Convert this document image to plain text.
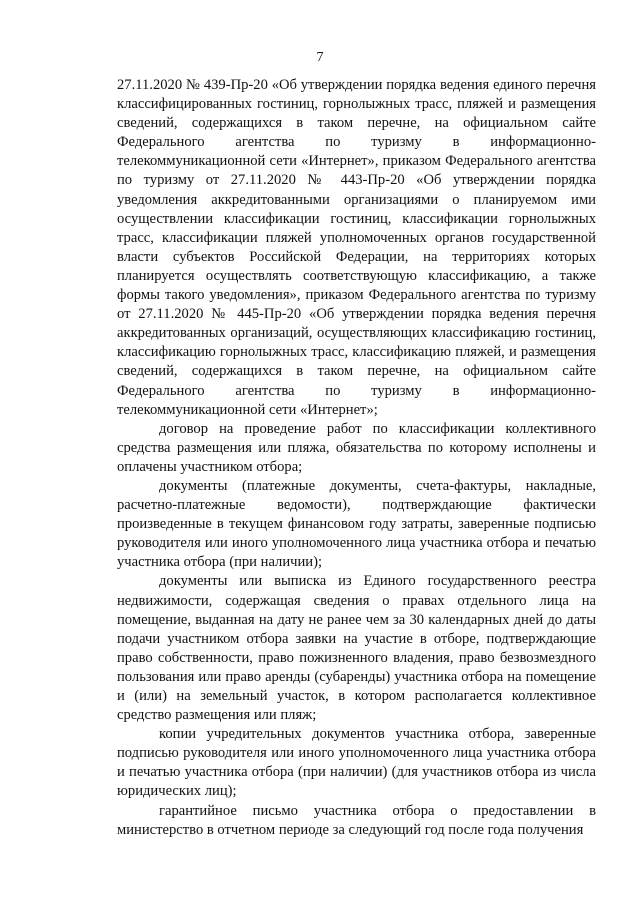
7

27.11.2020 № 439-Пр-20 «Об утверждении порядка ведения единого перечня классифицированных гостиниц, горнолыжных трасс, пляжей и размещения сведений, содержащихся в таком перечне, на официальном сайте Федерального агентства по туризму в информационно-телекоммуникационной сети «Интернет», приказом Федерального агентства по туризму от 27.11.2020 № 443-Пр-20 «Об утверждении порядка уведомления аккредитованными организациями о планируемом ими осуществлении классификации гостиниц, классификации горнолыжных трасс, классификации пляжей уполномоченных органов государственной власти субъектов Российской Федерации, на территориях которых планируется осуществлять соответствующую классификацию, а также формы такого уведомления», приказом Федерального агентства по туризму от 27.11.2020 № 445-Пр-20 «Об утверждении порядка ведения перечня аккредитованных организаций, осуществляющих классификацию гостиниц, классификацию горнолыжных трасс, классификацию пляжей, и размещения сведений, содержащихся в таком перечне, на официальном сайте Федерального агентства по туризму в информационно-телекоммуникационной сети «Интернет»;

договор на проведение работ по классификации коллективного средства размещения или пляжа, обязательства по которому исполнены и оплачены участником отбора;

документы (платежные документы, счета-фактуры, накладные, расчетно-платежные ведомости), подтверждающие фактически произведенные в текущем финансовом году затраты, заверенные подписью руководителя или иного уполномоченного лица участника отбора и печатью участника отбора (при наличии);

документы или выписка из Единого государственного реестра недвижимости, содержащая сведения о правах отдельного лица на помещение, выданная на дату не ранее чем за 30 календарных дней до даты подачи участником отбора заявки на участие в отборе, подтверждающие право собственности, право пожизненного владения, право безвозмездного пользования или право аренды (субаренды) участника отбора на помещение и (или) на земельный участок, в котором располагается коллективное средство размещения или пляж;

копии учредительных документов участника отбора, заверенные подписью руководителя или иного уполномоченного лица участника отбора и печатью участника отбора (при наличии) (для участников отбора из числа юридических лиц);

гарантийное письмо участника отбора о предоставлении в министерство в отчетном периоде за следующий год после года получения
